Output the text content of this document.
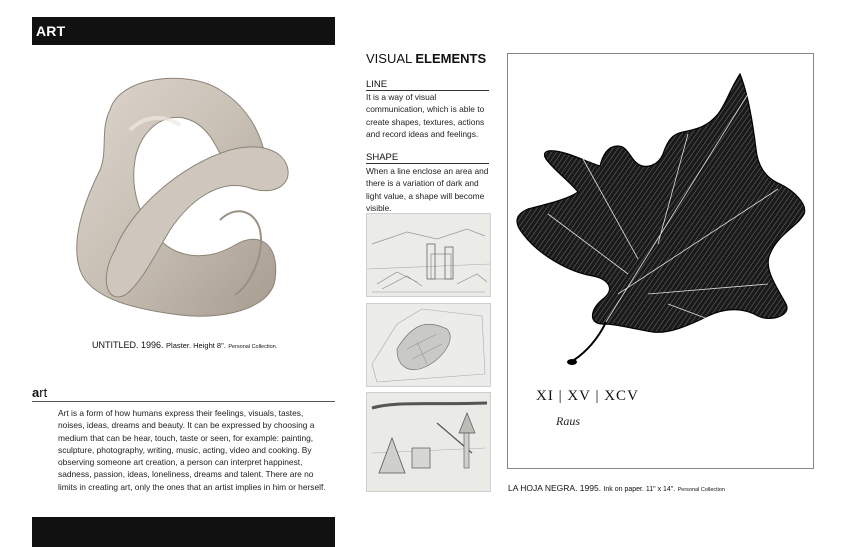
ART
UNTITLED. 1996. Plaster. Height 8". Personal Collection.
art
Art is a form of how humans express their feelings, visuals, tastes, noises, ideas, dreams and beauty. It can be expressed by choosing a medium that can be hear, touch, taste or seen, for example: painting, sculpture, photography, writing, music, acting, video and cooking. By observing someone art creation, a person can interpret happinest, sadness, passion, ideas, loneliness, dreams and talent. There are no limits in creating art, only the ones that an artist implies in him or herself.
VISUAL ELEMENTS
LINE
It is a way of visual communication, which is able to create shapes, textures, actions and record ideas and feelings.
SHAPE
When a line enclose an area and there is a variation of dark and light value, a shape will become visible.
XI | XV | XCV
Raus
LA HOJA NEGRA. 1995. Ink on paper. 11" x 14". Personal Collection
